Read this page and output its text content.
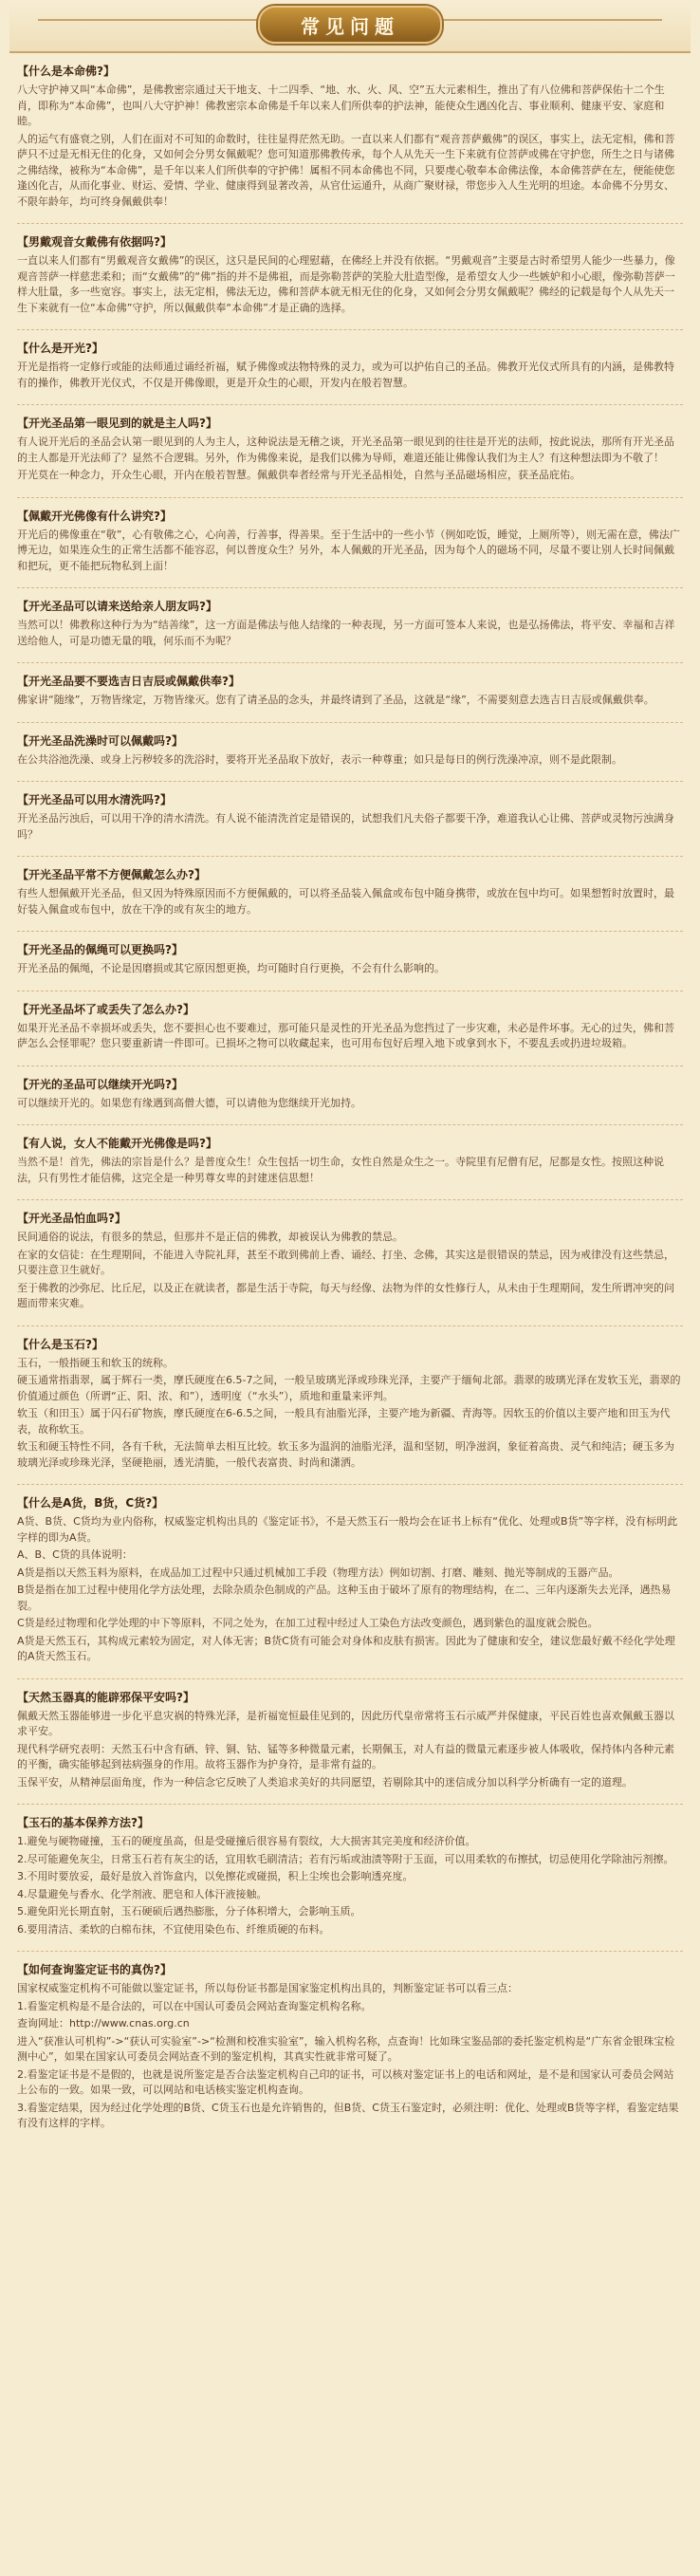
常见问题
【什么是本命佛?】

八大守护神又叫“本命佛”，是佛教密宗通过天干地支、十二四季、“地、水、火、风、空”五大元素相生，推出了有八位佛和菩萨保佑十二个生肖，即称为“本命佛”，也叫八大守护神！佛教密宗本命佛是千年以来人们所供奉的护法神，能使众生遇凶化吉、事业顺利、健康平安、家庭和睦。

人的运气有盛衰之别，人们在面对不可知的命数时，往往显得茫然无助。一直以来人们都有“观音菩萨戴佛”的误区，事实上，法无定相，佛和菩萨只不过是无相无住的化身，又如何会分男女佩戴呢？您可知道那佛教传承，每个人从先天一生下来就有位菩萨或佛在守护您，所生之日与诸佛之佛结缘，被称为“本命佛”，是千年以来人们所供奉的守护佛！属相不同本命佛也不同，只要虔心敬奉本命佛法像，本命佛菩萨在左，便能使您逢凶化吉，从而化事业、财运、爱情、学业、健康得到显著改善，从官仕运通升，从商广聚财禄，带您步入人生光明的坦途。本命佛不分男女、不限年龄年，均可终身佩戴供奉！

【男戴观音女戴佛有依据吗?】

一直以来人们都有“男戴观音女戴佛”的误区，这只是民间的心理慰藉，在佛经上并没有依据。“男戴观音”主要是古时希望男人能少一些暴力，像观音菩萨一样慈悲柔和；而“女戴佛”的“佛”指的并不是佛祖，而是弥勒菩萨的笑脸大肚造型像，是希望女人少一些嫉妒和小心眼，像弥勒菩萨一样大肚量，多一些宽容。事实上，法无定相，佛法无边，佛和菩萨本就无相无住的化身，又如何会分男女佩戴呢？佛经的记载是每个人从先天一生下来就有一位“本命佛”守护，所以佩戴供奉“本命佛”才是正确的选择。

【什么是开光?】

开光是指将一定修行或能的法师通过诵经祈福，赋予佛像或法物特殊的灵力，或为可以护佑自己的圣品。佛教开光仪式所具有的内涵，是佛教特有的操作，佛教开光仪式，不仅是开佛像眼，更是开众生的心眼，开发内在般若智慧。

【开光圣品第一眼见到的就是主人吗?】

有人说开光后的圣品会认第一眼见到的人为主人，这种说法是无稽之谈，开光圣品第一眼见到的往往是开光的法师，按此说法，那所有开光圣品的主人都是开光法师了？显然不合逻辑。另外，作为佛像来说，是我们以佛为导师，难道还能让佛像认我们为主人？有这种想法即为不敬了！

开光莫在一种念力，开众生心眼，开内在般若智慧。佩戴供奉者经常与开光圣品相处，自然与圣品磁场相应，获圣品庇佑。

【佩戴开光佛像有什么讲究?】

开光后的佛像重在“敬”，心有敬佛之心，心向善，行善事，得善果。至于生活中的一些小节（例如吃饭，睡觉，上厕所等），则无需在意，佛法广博无边，如果连众生的正常生活都不能容忍，何以普度众生？另外，本人佩戴的开光圣品，因为每个人的磁场不同，尽量不要让别人长时间佩戴和把玩，更不能把玩物私到上面！

【开光圣品可以请来送给亲人朋友吗?】

当然可以！佛教称这种行为为“结善缘”，这一方面是佛法与他人结缘的一种表现，另一方面可签本人来说，也是弘扬佛法，将平安、幸福和吉祥送给他人，可是功德无量的哦，何乐而不为呢？

【开光圣品要不要选吉日吉辰或佩戴供奉?】

佛家讲“随缘”，万物皆缘定，万物皆缘灭。您有了请圣品的念头，并最终请到了圣品，这就是“缘”，不需要刻意去选吉日吉辰或佩戴供奉。

【开光圣品洗澡时可以佩戴吗?】

在公共浴池洗澡、或身上污秽较多的洗浴时，要将开光圣品取下放好，表示一种尊重；如只是每日的例行洗澡冲凉，则不是此限制。

【开光圣品可以用水清洗吗?】

开光圣品污浊后，可以用干净的清水清洗。有人说不能清洗首定是错误的，试想我们凡夫俗子都要干净，难道我认心让佛、菩萨或灵物污浊满身吗？

【开光圣品平常不方便佩戴怎么办?】

有些人想佩戴开光圣品，但又因为特殊原因而不方便佩戴的，可以将圣品装入佩盒或布包中随身携带，或放在包中均可。如果想暂时放置时，最好装入佩盒或布包中，放在干净的或有灰尘的地方。

【开光圣品的佩绳可以更换吗?】

开光圣品的佩绳，不论是因磨损或其它原因想更换，均可随时自行更换，不会有什么影响的。

【开光圣品坏了或丢失了怎么办?】

如果开光圣品不幸损坏或丢失，您不要担心也不要难过，那可能只是灵性的开光圣品为您挡过了一步灾难，未必是件坏事。无心的过失，佛和菩萨怎么会怪罪呢？您只要重新请一件即可。已损坏之物可以收藏起来，也可用布包好后埋入地下或拿到水下，不要乱丢或扔进垃圾箱。

【开光的圣品可以继续开光吗?】

可以继续开光的。如果您有缘遇到高僧大德，可以请他为您继续开光加持。

【有人说，女人不能戴开光佛像是吗?】

当然不是！首先，佛法的宗旨是什么？是普度众生！众生包括一切生命，女性自然是众生之一。寺院里有尼僧有尼，尼都是女性。按照这种说法，只有男性才能信佛，这完全是一种男尊女卑的封建迷信思想！

【开光圣品怕血吗?】

民间通俗的说法，有很多的禁忌，但那并不是正信的佛教，却被误认为佛教的禁忌。

在家的女信徒：在生理期间，不能进入寺院礼拜，甚至不敢到佛前上香、诵经、打坐、念佛，其实这是很错误的禁忌，因为戒律没有这些禁忌，只要注意卫生就好。

至于佛教的沙弥尼、比丘尼，以及正在就读者，都是生活于寺院，每天与经像、法物为伴的女性修行人，从未由于生理期间，发生所谓冲突的问题而带来灾难。

【什么是玉石?】

玉石，一般指硬玉和软玉的统称。

硬玉通常指翡翠，属于辉石一类，摩氏硬度在6.5-7之间，一般呈玻璃光泽或珍珠光泽，主要产于缅甸北部。翡翠的玻璃光泽在发软玉光，翡翠的价值通过颜色（所谓“正、阳、浓、和”），透明度（“水头”），质地和重量来评判。

软玉（和田玉）属于闪石矿物族，摩氏硬度在6-6.5之间，一般具有油脂光泽，主要产地为新疆、青海等。因软玉的价值以主要产地和田玉为代表，故称软玉。

软玉和硬玉特性不同，各有千秋，无法简单去相互比较。软玉多为温润的油脂光泽，温和坚韧，明净滋润，象征着高贵、灵气和纯洁；硬玉多为玻璃光泽或珍珠光泽，坚硬艳丽，透光清脆，一般代表富贵、时尚和潇洒。

【什么是A货，B货，C货?】

A货、B货、C货均为业内俗称，权威鉴定机构出具的《鉴定证书》，不是天然玉石一般均会在证书上标有“优化、处理或B货”等字样，没有标明此字样的即为A货。

A、B、C货的具体说明：

A货是指以天然玉料为原料，在成品加工过程中只通过机械加工手段（物理方法）例如切割、打磨、雕刻、抛光等制成的玉器产品。

B货是指在加工过程中使用化学方法处理，去除杂质杂色制成的产品。这种玉由于破坏了原有的物理结构，在二、三年内逐渐失去光泽，遇热易裂。

C货是经过物理和化学处理的中下等原料，不同之处为，在加工过程中经过人工染色方法改变颜色，遇到紫色的温度就会脱色。

A货是天然玉石，其构成元素较为固定，对人体无害；B货C货有可能会对身体和皮肤有损害。因此为了健康和安全，建议您最好戴不经化学处理的A货天然玉石。

【天然玉器真的能辟邪保平安吗?】

佩戴天然玉器能够进一步化平息灾祸的特殊光泽，是祈福宽恒最佳见到的，因此历代皇帝常将玉石示威严并保健康，平民百姓也喜欢佩戴玉器以求平安。

现代科学研究表明：天然玉石中含有硒、锌、铜、钴、锰等多种微量元素，长期佩玉，对人有益的微量元素逐步被人体吸收，保持体内各种元素的平衡，确实能够起到祛病强身的作用。故将玉器作为护身符，是非常有益的。

玉保平安，从精神层面角度，作为一种信念它反映了人类追求美好的共同愿望，若剔除其中的迷信成分加以科学分析确有一定的道理。

【玉石的基本保养方法?】

1.避免与硬物碰撞，玉石的硬度虽高，但是受碰撞后很容易有裂纹，大大损害其完美度和经济价值。

2.尽可能避免灰尘，日常玉石若有灰尘的话，宜用软毛刷清洁；若有污垢或油渍等附于玉面，可以用柔软的布擦拭，切忌使用化学除油污剂擦。

3.不用时要放妥，最好是放入首饰盒内，以免擦花或碰损，积上尘埃也会影响透亮度。

4.尽量避免与香水、化学剂液、肥皂和人体汗液接触。

5.避免阳光长期直射，玉石硬硕后遇热膨胀，分子体积增大，会影响玉质。

6.要用清洁、柔软的白棉布抹，不宜使用染色布、纤维质硬的布料。

【如何查询鉴定证书的真伪?】

国家权威鉴定机构不可能做以鉴定证书，所以每份证书都是国家鉴定机构出具的，判断鉴定证书可以看三点：

1.看鉴定机构是不是合法的，可以在中国认可委员会网站查询鉴定机构名称。

查询网址：http://www.cnas.org.cn

进入“获准认可机构”->“获认可实验室”->“检测和校准实验室”，输入机构名称，点查询！比如珠宝鉴品部的委托鉴定机构是“广东省金银珠宝检测中心”，如果在国家认可委员会网站查不到的鉴定机构，其真实性就非常可疑了。

2.看鉴定证书是不是假的，也就是说所鉴定是否合法鉴定机构自己印的证书，可以核对鉴定证书上的电话和网址，是不是和国家认可委员会网站上公布的一致。如果一致，可以网站和电话核实鉴定机构查询。

3.看鉴定结果，因为经过化学处理的B货、C货玉石也是允许销售的，但B货、C货玉石鉴定时，必须注明：优化、处理或B货等字样，看鉴定结果有没有这样的字样。
